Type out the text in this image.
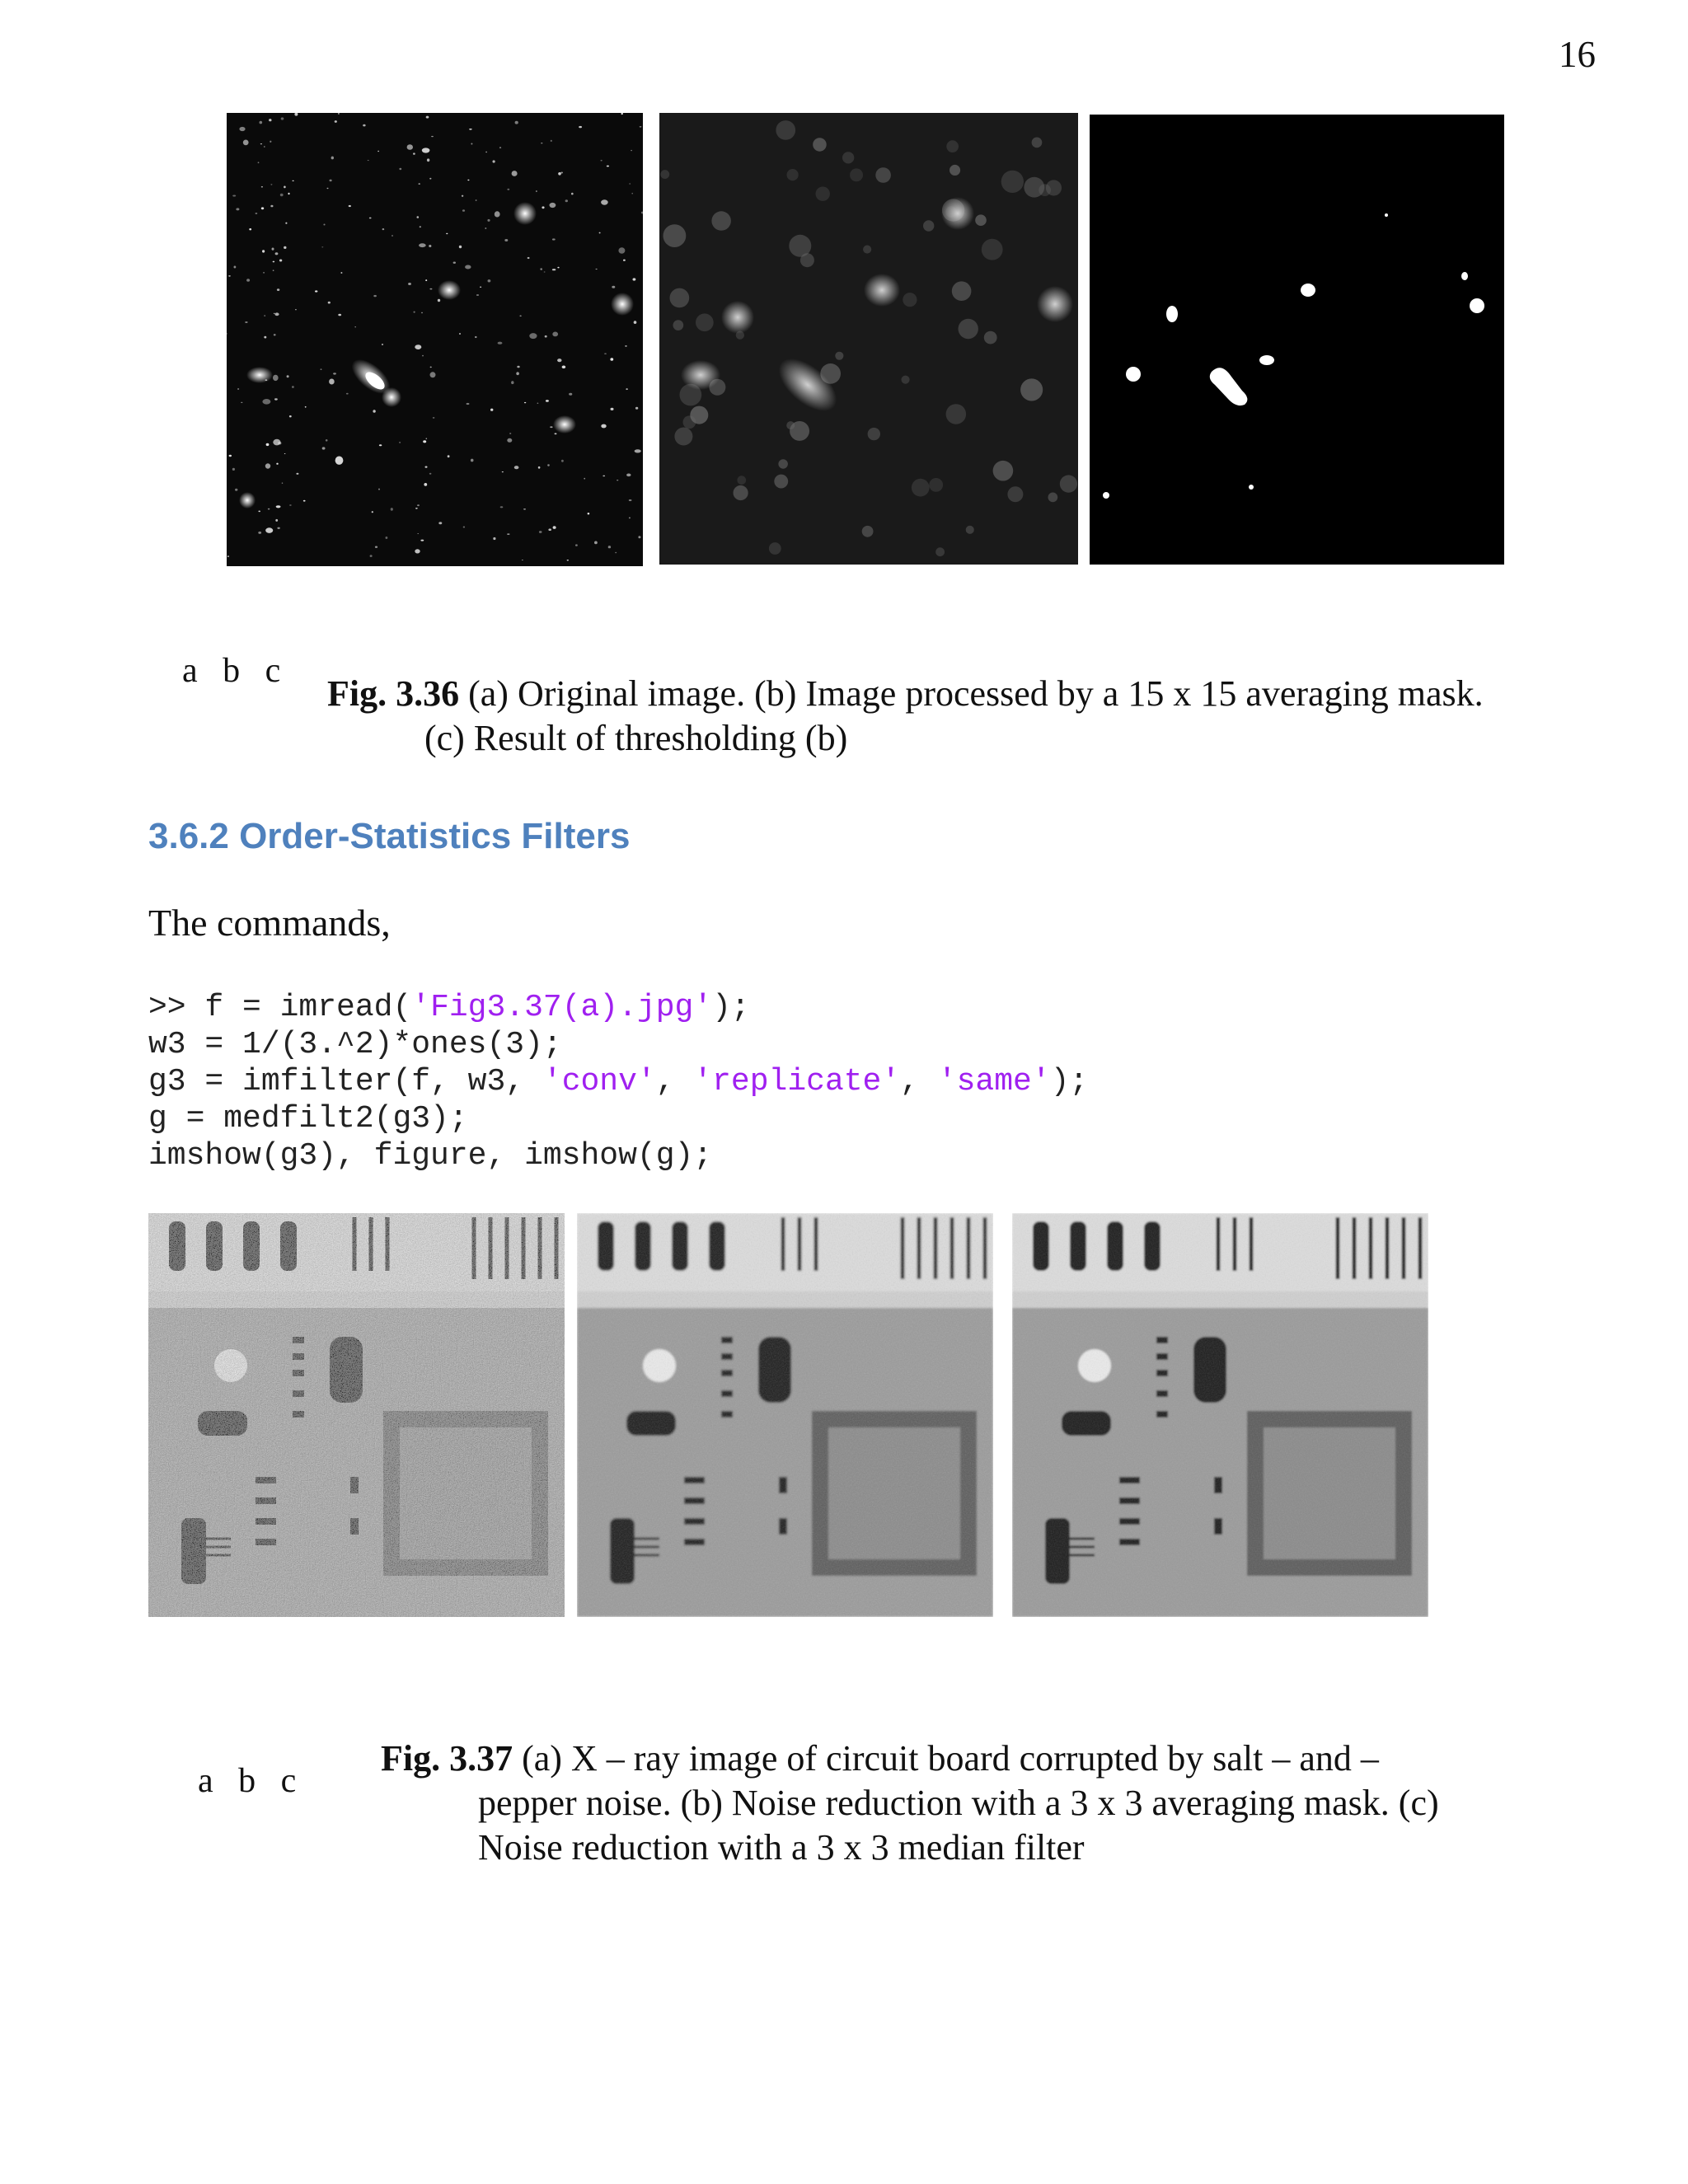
16
a b c
Fig. 3.36 (a) Original image. (b) Image processed by a 15 x 15 averaging mask.
(c) Result of thresholding (b)
3.6.2 Order-Statistics Filters
The commands,
>> f = imread('Fig3.37(a).jpg');
w3 = 1/(3.^2)*ones(3);
g3 = imfilter(f, w3, 'conv', 'replicate', 'same');
g = medfilt2(g3);
imshow(g3), figure, imshow(g);
a b c
Fig. 3.37 (a) X – ray image of circuit board corrupted by salt – and –
pepper noise. (b) Noise reduction with a 3 x 3 averaging mask. (c)
Noise reduction with a 3 x 3 median filter
